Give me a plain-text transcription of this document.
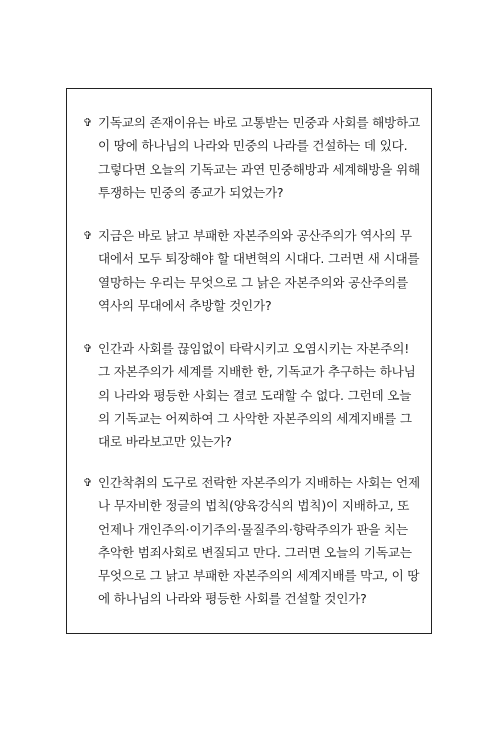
✞ 기독교의 존재이유는 바로 고통받는 민중과 사회를 해방하고
이 땅에 하나님의 나라와 민중의 나라를 건설하는 데 있다.
그렇다면 오늘의 기독교는 과연 민중해방과 세계해방을 위해
투쟁하는 민중의 종교가 되었는가?
✞ 지금은 바로 낡고 부패한 자본주의와 공산주의가 역사의 무
대에서 모두 퇴장해야 할 대변혁의 시대다. 그러면 새 시대를
열망하는 우리는 무엇으로 그 낡은 자본주의와 공산주의를
역사의 무대에서 추방할 것인가?
✞ 인간과 사회를 끊임없이 타락시키고 오염시키는 자본주의!
그 자본주의가 세계를 지배한 한, 기독교가 추구하는 하나님
의 나라와 평등한 사회는 결코 도래할 수 없다. 그런데 오늘
의 기독교는 어찌하여 그 사악한 자본주의의 세계지배를 그
대로 바라보고만 있는가?
✞ 인간착취의 도구로 전락한 자본주의가 지배하는 사회는 언제
나 무자비한 정글의 법칙(양육강식의 법칙)이 지배하고, 또
언제나 개인주의·이기주의·물질주의·향락주의가 판을 치는
추악한 범죄사회로 변질되고 만다. 그러면 오늘의 기독교는
무엇으로 그 낡고 부패한 자본주의의 세계지배를 막고, 이 땅
에 하나님의 나라와 평등한 사회를 건설할 것인가?
